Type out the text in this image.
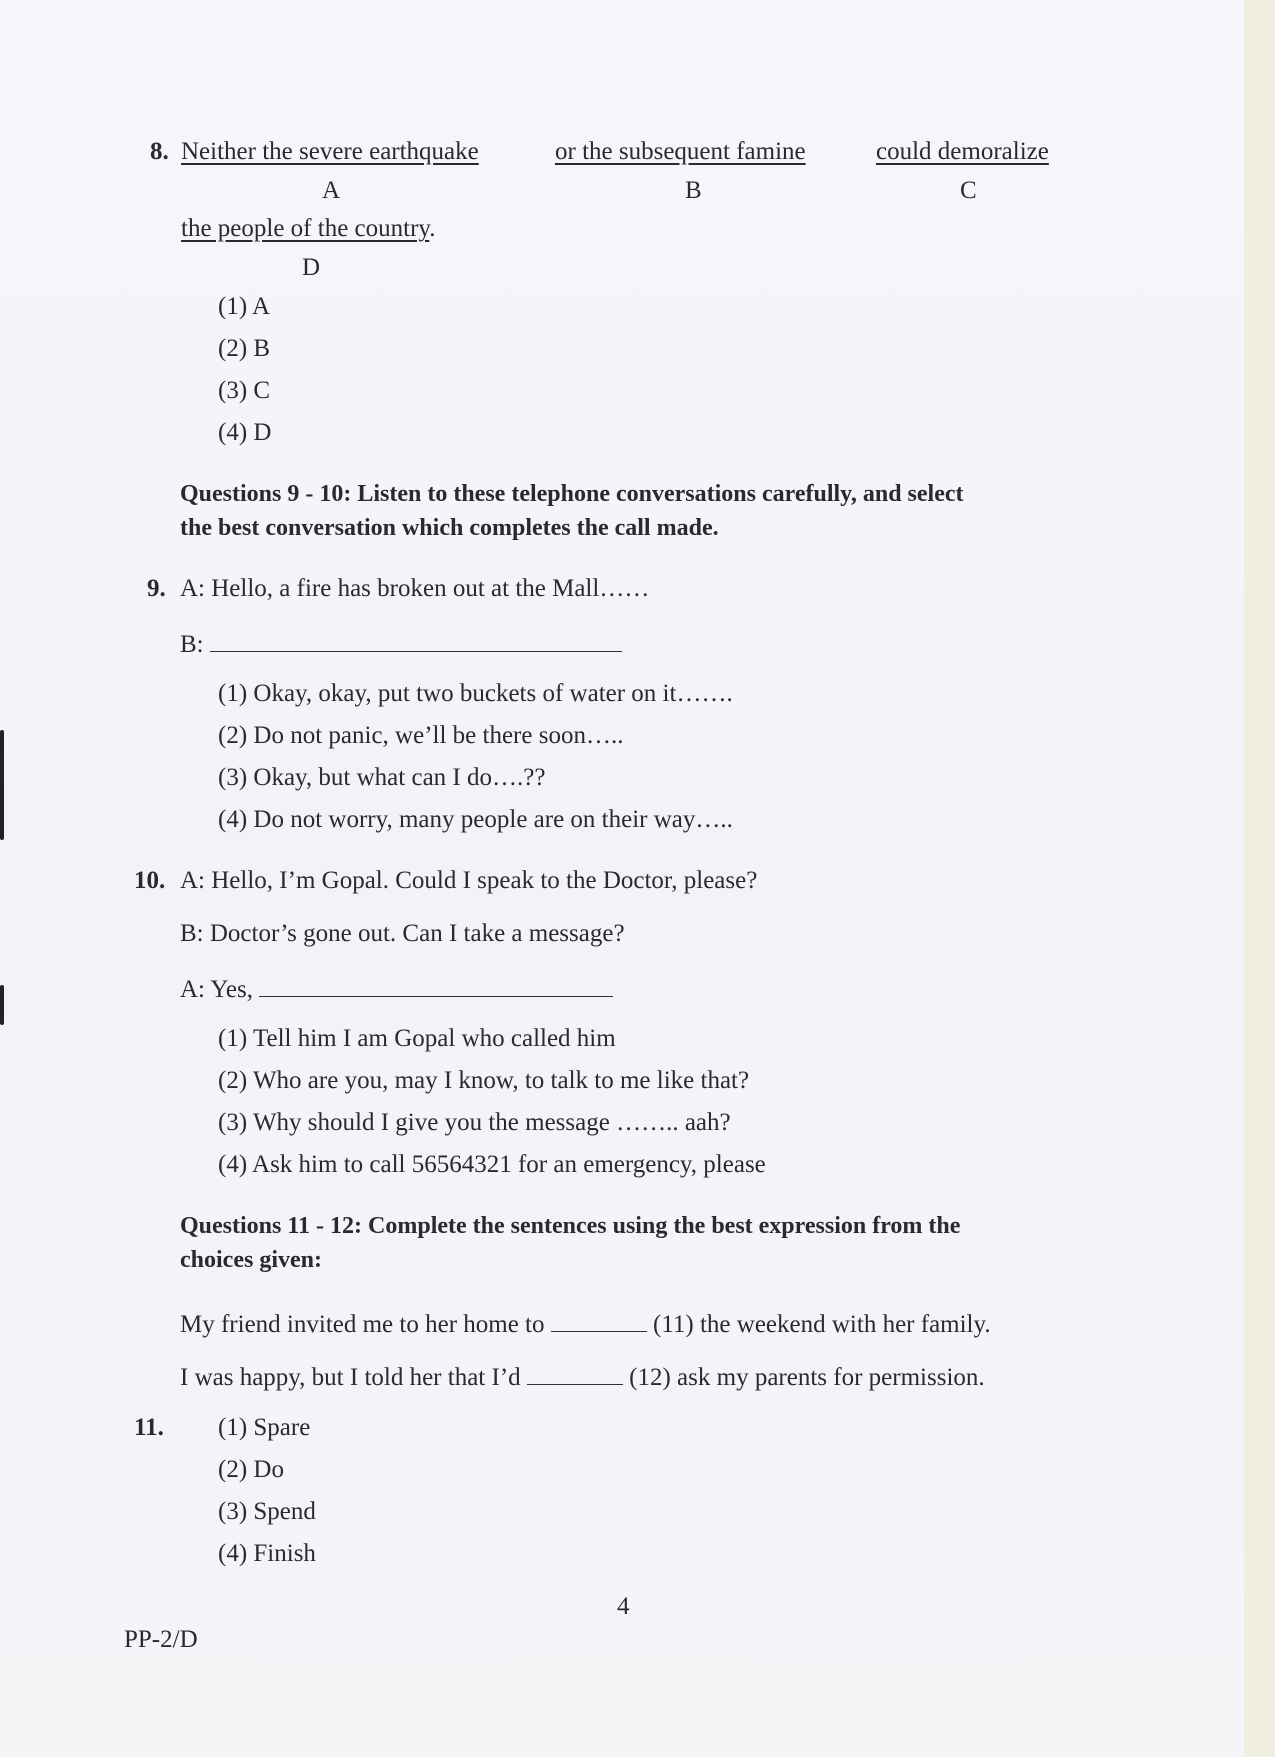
8. Neither the severe earthquake	or the subsequent famine	could demoralize
A	B	C
the people of the country.
D
(1) A
(2) B
(3) C
(4) D
Questions 9 - 10: Listen to these telephone conversations carefully, and select
the best conversation which completes the call made.
9. A: Hello, a fire has broken out at the Mall……
B:
(1) Okay, okay, put two buckets of water on it…….
(2) Do not panic, we’ll be there soon…..
(3) Okay, but what can I do….??
(4) Do not worry, many people are on their way…..
10. A: Hello, I’m Gopal. Could I speak to the Doctor, please?
B: Doctor’s gone out. Can I take a message?
A: Yes,
(1) Tell him I am Gopal who called him
(2) Who are you, may I know, to talk to me like that?
(3) Why should I give you the message …….. aah?
(4) Ask him to call 56564321 for an emergency, please
Questions 11 - 12: Complete the sentences using the best expression from the
choices given:
My friend invited me to her home to	(11) the weekend with her family.
I was happy, but I told her that I’d	(12) ask my parents for permission.
11. (1) Spare
(2) Do
(3) Spend
(4) Finish
4
PP-2/D
